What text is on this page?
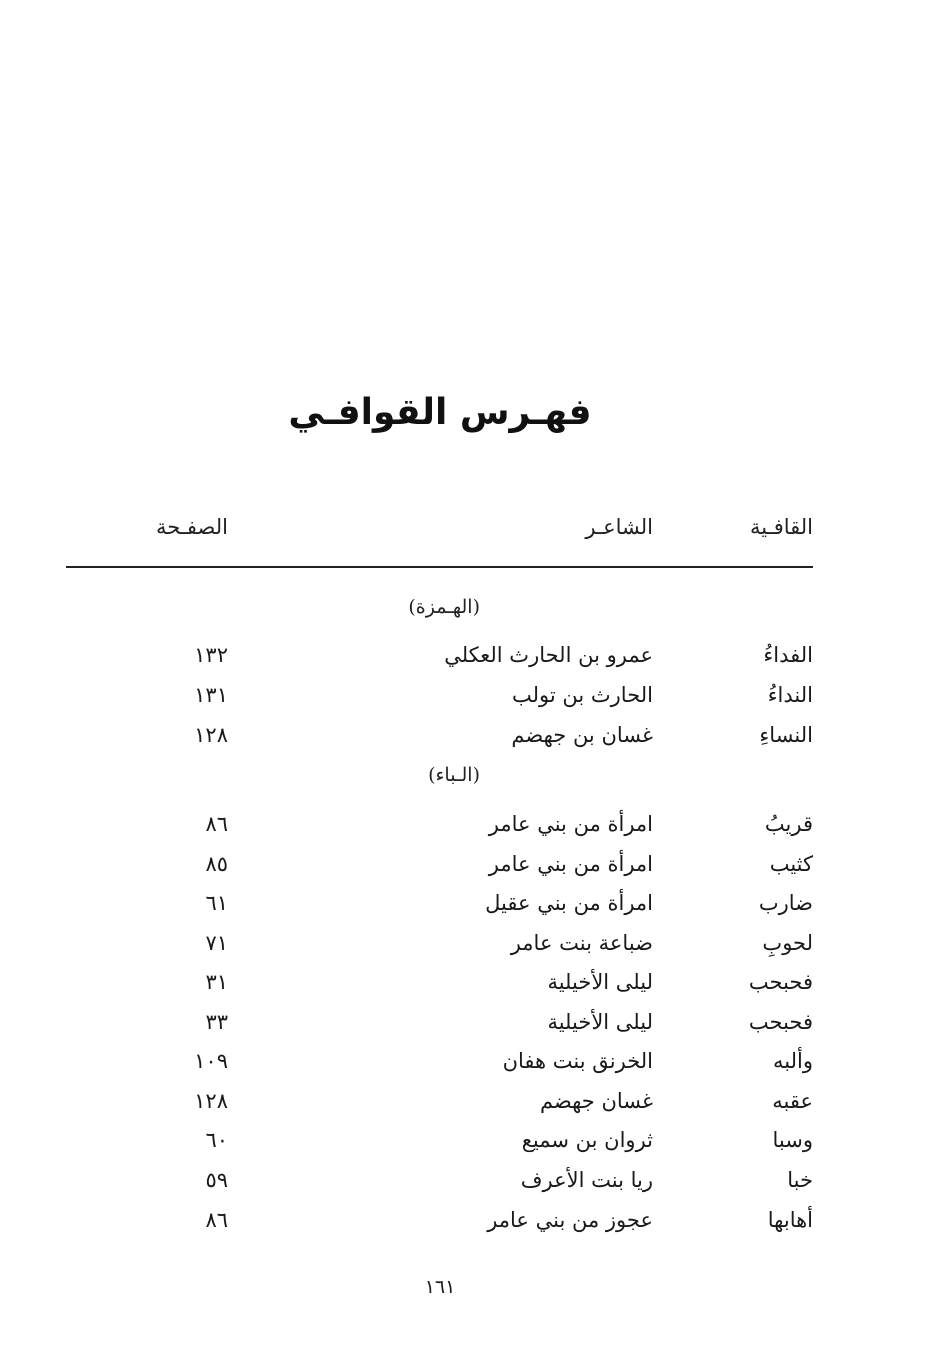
فهـرس القوافـي
القافـية
الشاعـر
الصفـحة
(الهـمزة)
الفداءُ
عمرو بن الحارث العكلي
١٣٢
النداءُ
الحارث بن تولب
١٣١
النساءِ
غسان بن جهضم
١٢٨
(الـباء)
قريبُ
امرأة من بني عامر
٨٦
كثيب
امرأة من بني عامر
٨٥
ضارب
امرأة من بني عقيل
٦١
لحوبِ
ضباعة بنت عامر
٧١
فحبحب
ليلى الأخيلية
٣١
فحبحب
ليلى الأخيلية
٣٣
وألبه
الخرنق بنت هفان
١٠٩
عقبه
غسان جهضم
١٢٨
وسبا
ثروان بن سميع
٦٠
خبا
ريا بنت الأعرف
٥٩
أهابها
عجوز من بني عامر
٨٦
١٦١
